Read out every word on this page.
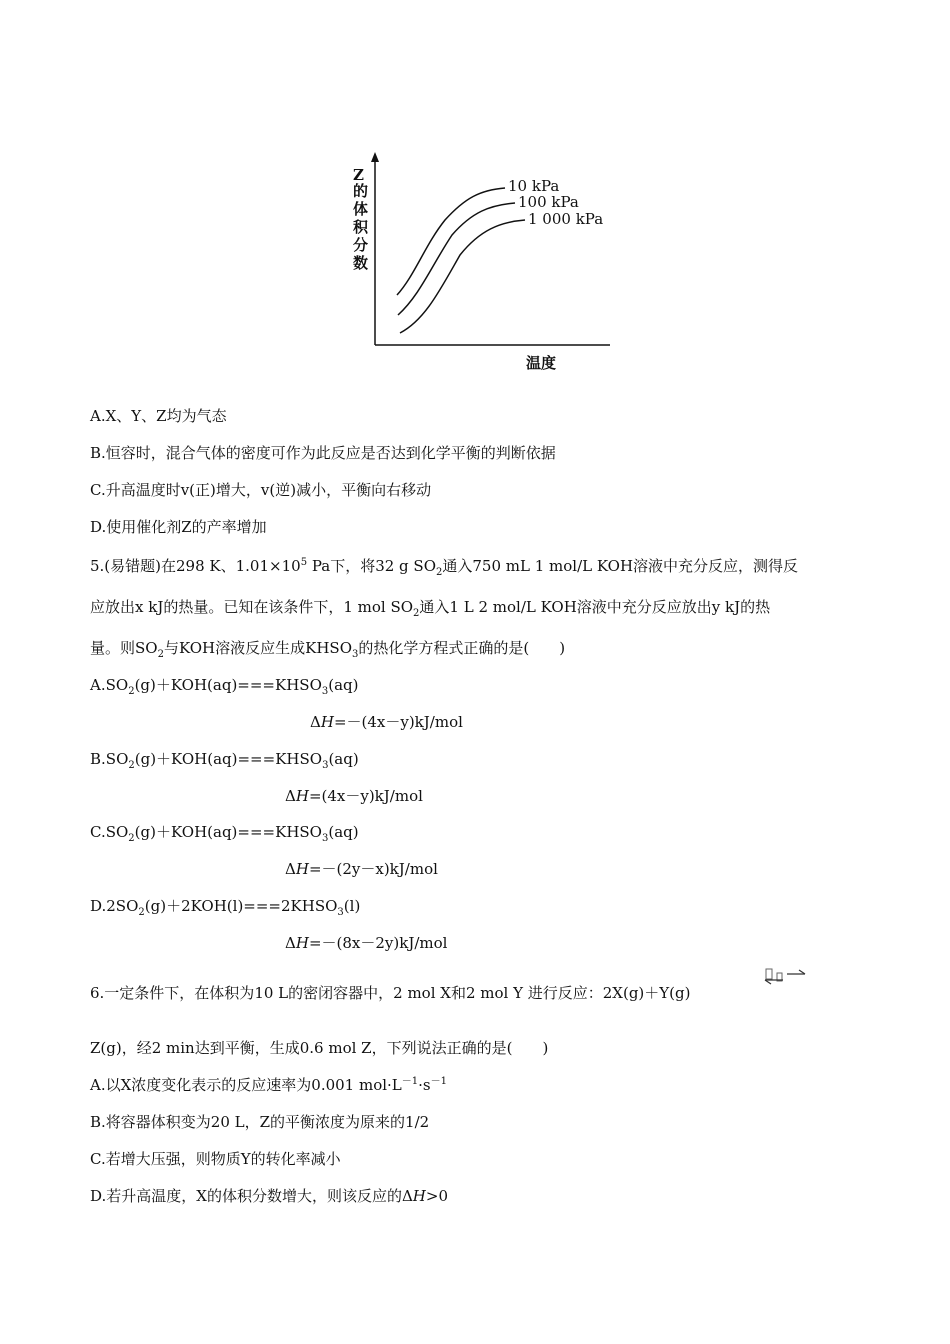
Z
的
体
积
分
数
温度
10 kPa
100 kPa
1 000 kPa
A.X、Y、Z均为气态
B.恒容时，混合气体的密度可作为此反应是否达到化学平衡的判断依据
C.升高温度时v(正)增大，v(逆)减小，平衡向右移动
D.使用催化剂Z的产率增加
5.(易错题)在298 K、$1.01\times 10^5$ Pa下，将32 g $SO_2$通入750 mL 1 mol/L KOH溶液中充分反应，测得反
应放出x kJ的热量。已知在该条件下，1 mol $SO_2$通入1 L 2 mol/L KOH溶液中充分反应放出y kJ的热
量。则$SO_2$与KOH溶液反应生成$KHSO_3$的热化学方程式正确的是(　　)
$A.SO_2(g)+KOH(aq)===KHSO_3(aq)$
ΔH=－(4x－y)kJ/mol
$B.SO_2(g)+KOH(aq)===KHSO_3(aq)$
ΔH=(4x－y)kJ/mol
$C.SO_2(g)+KOH(aq)===KHSO_3(aq)$
ΔH=－(2y－x)kJ/mol
$D.2SO_2(g)+2KOH(l)===2KHSO_3(l)$
ΔH=－(8x－2y)kJ/mol
6.一定条件下，在体积为10 L的密闭容器中，2 mol X和2 mol Y 进行反应：2X(g)＋Y(g)
Z(g)，经2 min达到平衡，生成0.6 mol Z，下列说法正确的是(　　)
A.以X浓度变化表示的反应速率为0.001 $mol\cdot L^{-1}\cdot s^{-1}$
B.将容器体积变为20 L，Z的平衡浓度为原来的1/2
C.若增大压强，则物质Y的转化率减小
D.若升高温度，X的体积分数增大，则该反应的ΔH>0
